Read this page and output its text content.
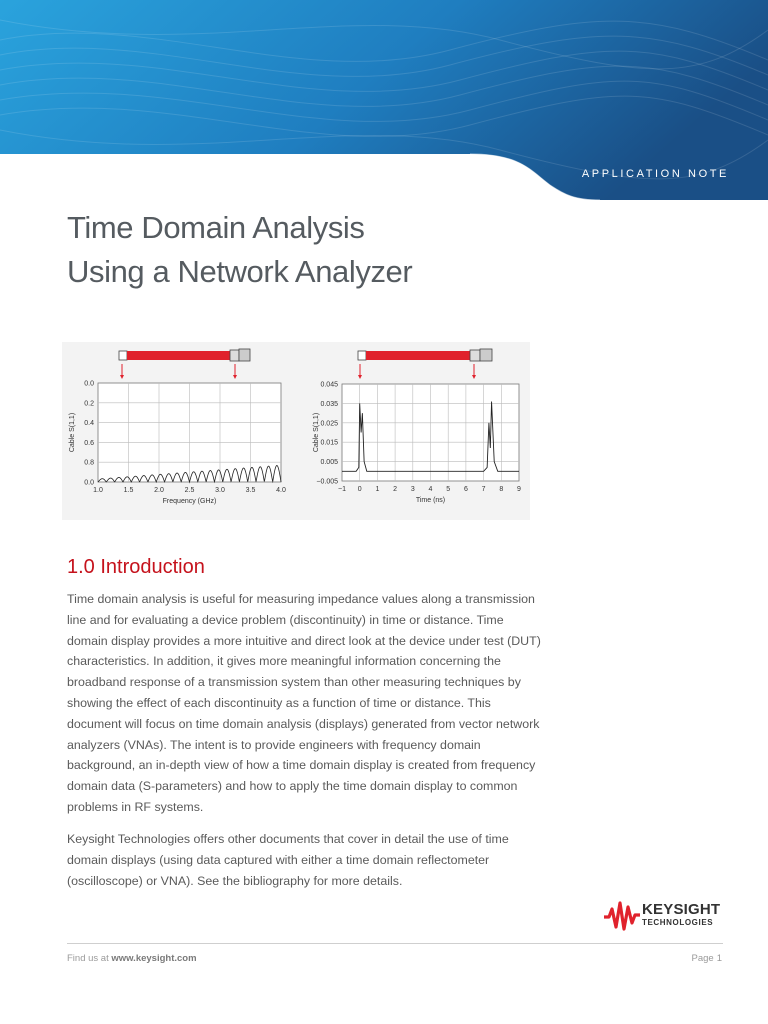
APPLICATION NOTE
Time Domain Analysis
Using a Network Analyzer
1.0	1.5	2.0	2.5	3.0	3.5	4.0
0.0
0.2
0.4
0.6
0.8
0.0
Frequency (GHz)
Cable S(1,1)
−1 0 1 2 3 4 5 6 7 8 9
0.045
0.035
0.025
0.015
0.005
−0.005
Time (ns)
Cable S(1,1)
1.0 Introduction

Time domain analysis is useful for measuring impedance values along a transmission line and for evaluating a device problem (discontinuity) in time or distance. Time domain display provides a more intuitive and direct look at the device under test (DUT) characteristics. In addition, it gives more meaningful information concerning the broadband response of a transmission system than other measuring techniques by showing the effect of each discontinuity as a function of time or distance. This document will focus on time domain analysis (displays) generated from vector network analyzers (VNAs). The intent is to provide engineers with frequency domain background, an in-depth view of how a time domain display is created from frequency domain data (S-parameters) and how to apply the time domain display to common problems in RF systems.

Keysight Technologies offers other documents that cover in detail the use of time domain displays (using data captured with either a time domain reflectometer (oscilloscope) or VNA). See the bibliography for more details.

KEYSIGHT
TECHNOLOGIES
Find us at www.keysight.com	Page 1
